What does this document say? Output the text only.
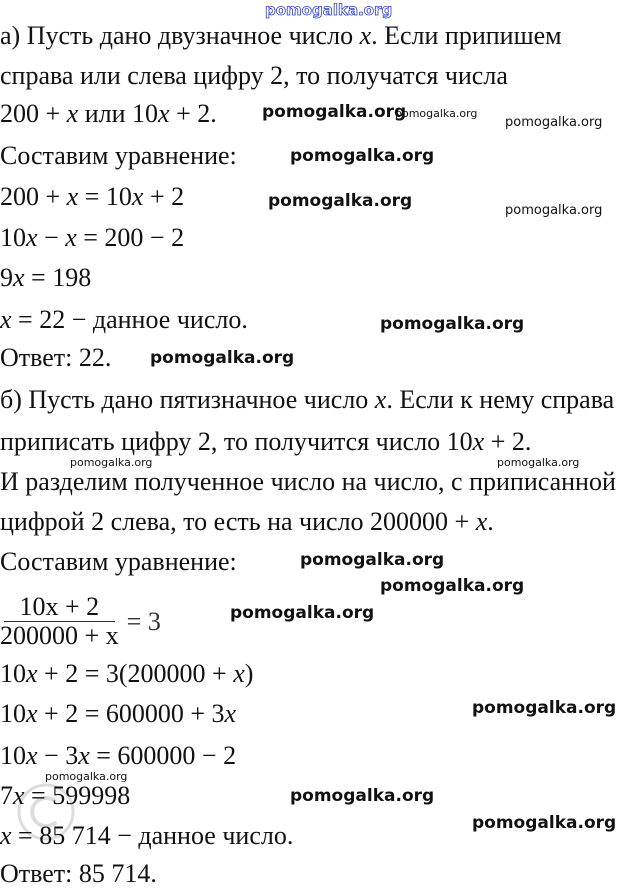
$\frac{10x + 2}{200000 + x} = 3$
а) Пусть дано двузначное число x. Если припишем
справа или слева цифру 2, то получатся числа
200 + x или 10x + 2.
Составим уравнение:
200 + x = 10x + 2
10x − x = 200 − 2
9x = 198
x = 22 − данное число.
Ответ: 22.
б) Пусть дано пятизначное число x. Если к нему справа
приписать цифру 2, то получится число 10x + 2.
И разделим полученное число на число, с приписанной
цифрой 2 слева, то есть на число 200000 + x.
Составим уравнение:
10x + 2 = 3(200000 + x)
10x + 2 = 600000 + 3x
10x − 3x = 600000 − 2
7x = 599998
x = 85 714 − данное число.
Ответ: 85 714.
pomogalka.org
pomogalka.org
pomogalka.org
pomogalka.org
pomogalka.org
pomogalka.org	pomogalka.org
pomogalka.org
pomogalka.org
pomogalka.org
pomogalka.org
pomogalka.org
pomogalka.org
pomogalka.org
pomogalka.org
pomogalka.org
pomogalka.org
pomogalka.org
